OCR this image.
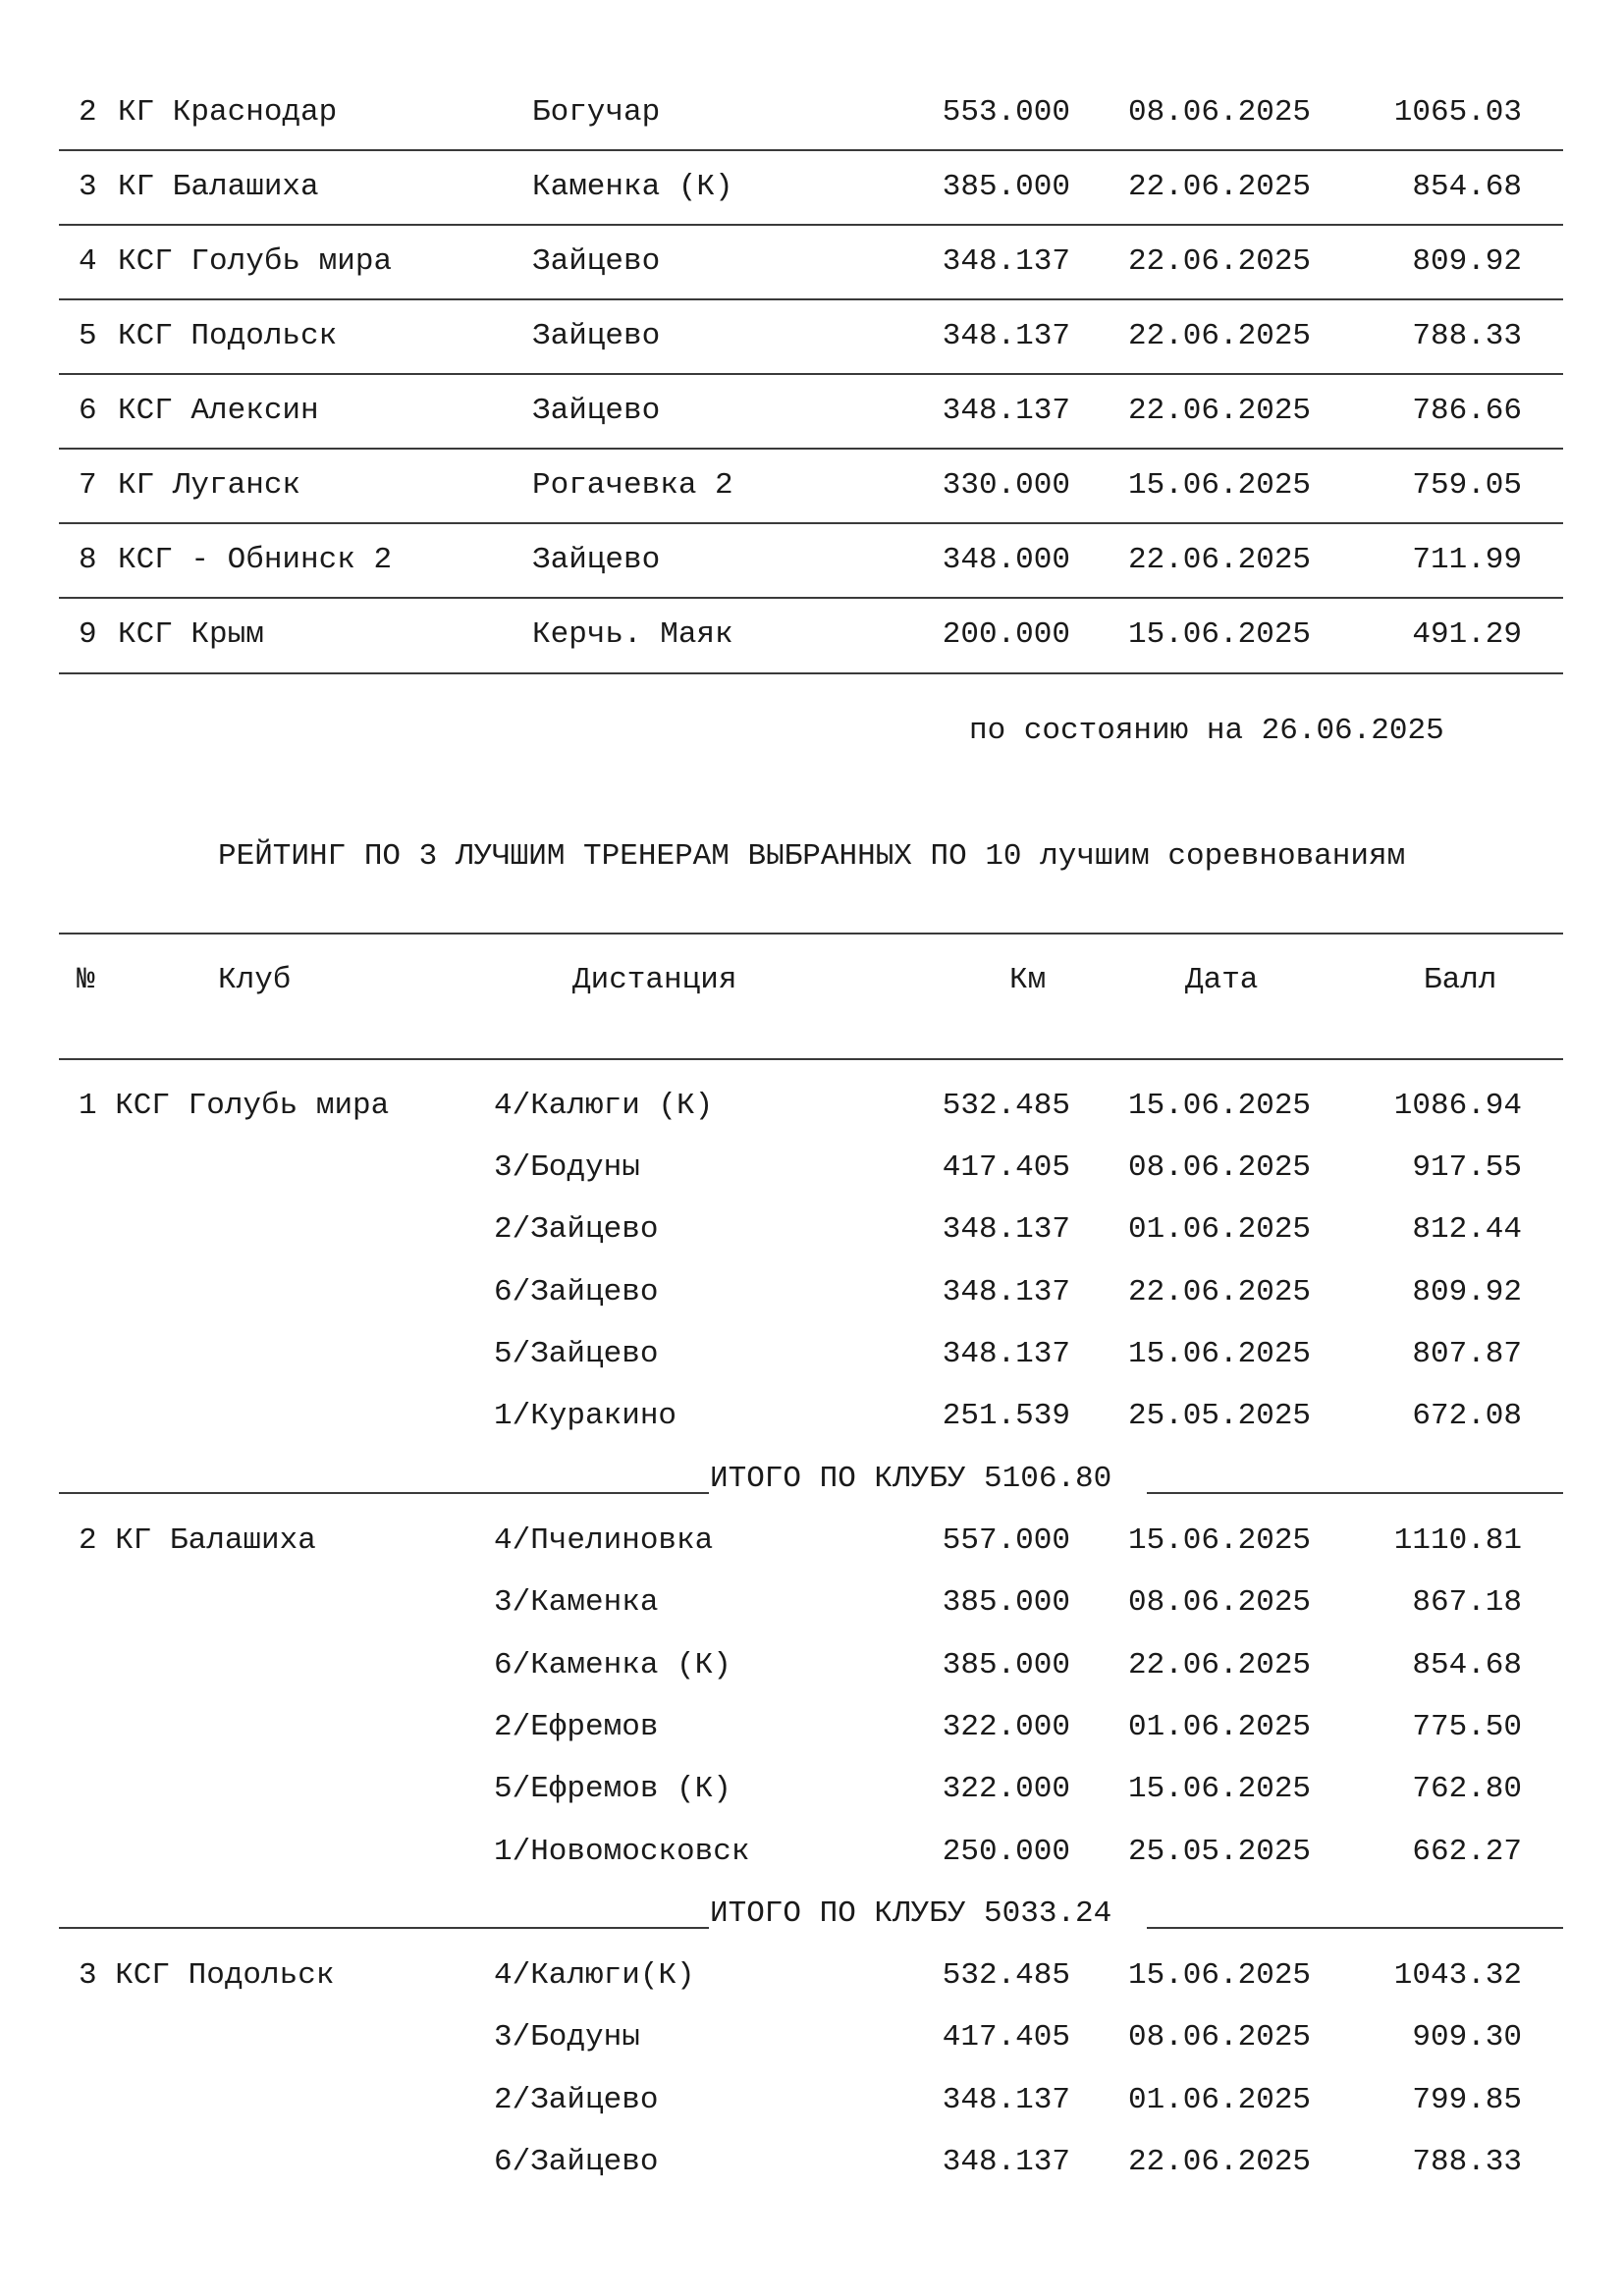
2 КГ Краснодар	Богучар	553.000 08.06.2025	1065.03
3 КГ Балашиха	Каменка (К)	385.000 22.06.2025	854.68
4 КСГ Голубь мира	Зайцево	348.137 22.06.2025	809.92
5 КСГ Подольск	Зайцево	348.137 22.06.2025	788.33
6 КСГ Алексин	Зайцево	348.137 22.06.2025	786.66
7 КГ Луганск	Рогачевка 2	330.000 15.06.2025	759.05
8 КСГ - Обнинск 2	Зайцево	348.000 22.06.2025	711.99
9 КСГ Крым	Керчь. Маяк	200.000 15.06.2025	491.29
по состоянию на 26.06.2025
РЕЙТИНГ ПО 3 ЛУЧШИМ ТРЕНЕРАМ ВЫБРАННЫХ ПО 10 лучшим соревнованиям
№	Клуб	Дистанция	Км	Дата	Балл
1 КСГ Голубь мира	4/Калюги (К)	532.485 15.06.2025	1086.94
3/Бодуны	417.405 08.06.2025	917.55
2/Зайцево	348.137 01.06.2025	812.44
6/Зайцево	348.137 22.06.2025	809.92
5/Зайцево	348.137 15.06.2025	807.87
1/Куракино	251.539 25.05.2025	672.08
ИТОГО ПО КЛУБУ 5106.80
2 КГ Балашиха	4/Пчелиновка	557.000 15.06.2025	1110.81
3/Каменка	385.000 08.06.2025	867.18
6/Каменка (К)	385.000 22.06.2025	854.68
2/Ефремов	322.000 01.06.2025	775.50
5/Ефремов (К)	322.000 15.06.2025	762.80
1/Новомосковск	250.000 25.05.2025	662.27
ИТОГО ПО КЛУБУ 5033.24
3 КСГ Подольск	4/Калюги(К)	532.485 15.06.2025	1043.32
3/Бодуны	417.405 08.06.2025	909.30
2/Зайцево	348.137 01.06.2025	799.85
6/Зайцево	348.137 22.06.2025	788.33
